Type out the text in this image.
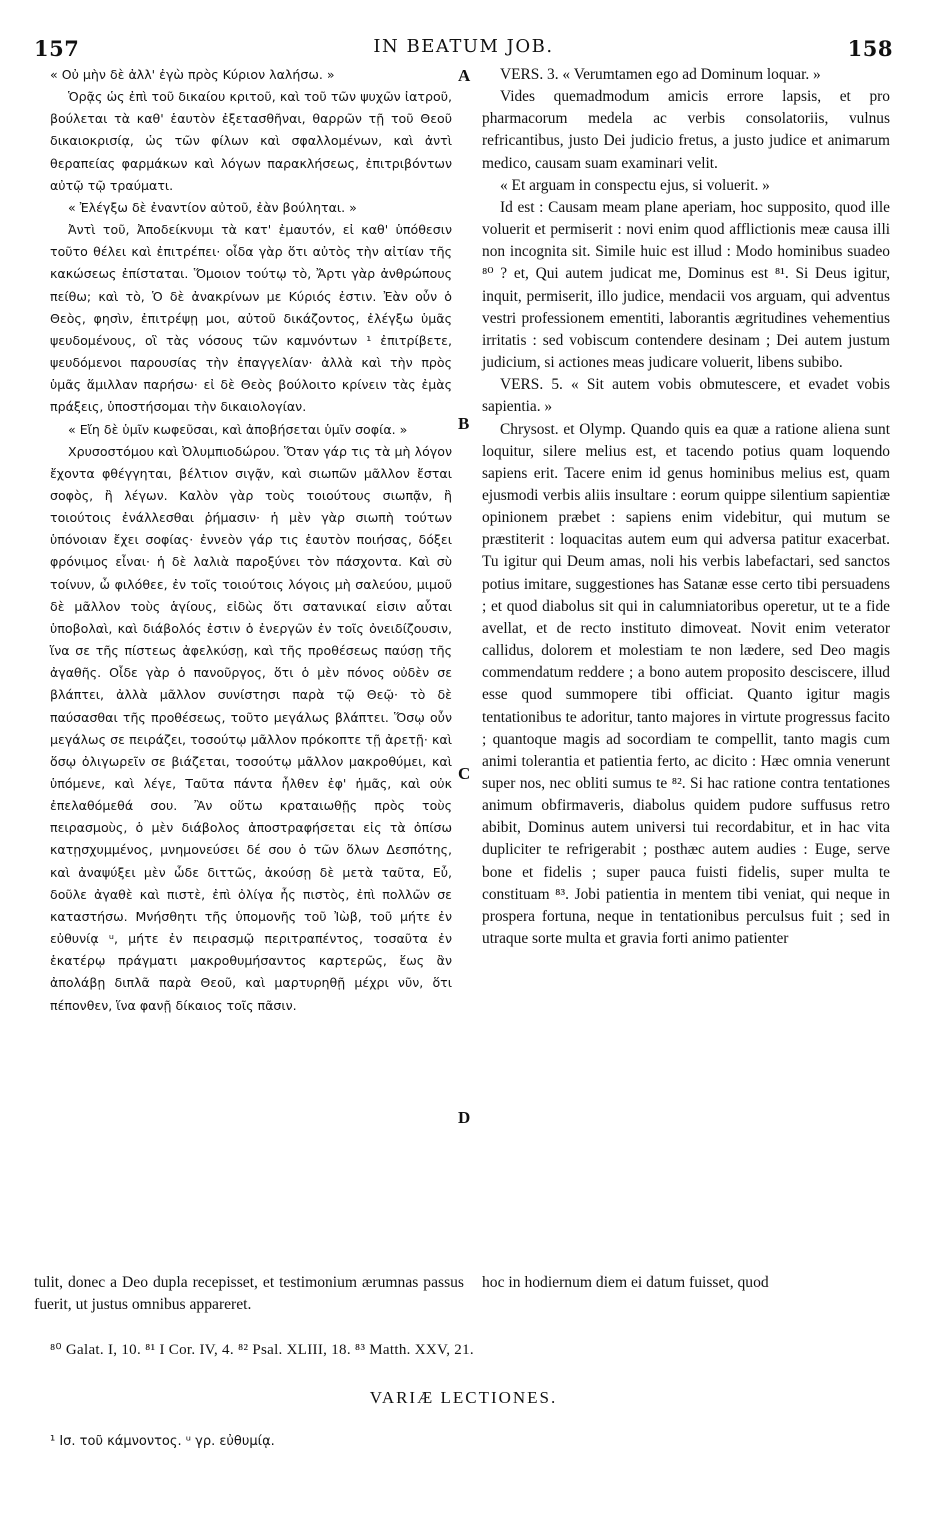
157	IN BEATUM JOB.	158

« Οὐ μὴν δὲ ἀλλ' ἐγὼ πρὸς Κύριον λαλήσω. »

Ὁρᾷς ὡς ἐπὶ τοῦ δικαίου κριτοῦ, καὶ τοῦ τῶν ψυχῶν ἰατροῦ, βούλεται τὰ καθ' ἑαυτὸν ἐξετασθῆναι, θαρρῶν τῇ τοῦ Θεοῦ δικαιοκρισίᾳ, ὡς τῶν φίλων καὶ σφαλλομένων, καὶ ἀντὶ θεραπείας φαρμάκων καὶ λόγων παρακλήσεως, ἐπιτριβόντων αὐτῷ τῷ τραύματι.

« Ἐλέγξω δὲ ἐναντίον αὐτοῦ, ἐὰν βούληται. »

Ἀντὶ τοῦ, Ἀποδείκνυμι τὰ κατ' ἐμαυτόν, εἰ καθ' ὑπόθεσιν τοῦτο θέλει καὶ ἐπιτρέπει· οἶδα γὰρ ὅτι αὐτὸς τὴν αἰτίαν τῆς κακώσεως ἐπίσταται. Ὅμοιον τούτῳ τὸ, Ἄρτι γὰρ ἀνθρώπους πείθω; καὶ τὸ, Ὁ δὲ ἀνακρίνων με Κύριός ἐστιν. Ἐὰν οὖν ὁ Θεὸς, φησὶν, ἐπιτρέψῃ μοι, αὐτοῦ δικάζοντος, ἐλέγξω ὑμᾶς ψευδομένους, οἳ τὰς νόσους τῶν καμνόντων ¹ ἐπιτρίβετε, ψευδόμενοι παρουσίας τὴν ἐπαγγελίαν· ἀλλὰ καὶ τὴν πρὸς ὑμᾶς ἅμιλλαν παρήσω· εἰ δὲ Θεὸς βούλοιτο κρίνειν τὰς ἐμὰς πράξεις, ὑποστήσομαι τὴν δικαιολογίαν.

« Εἴη δὲ ὑμῖν κωφεῦσαι, καὶ ἀποβήσεται ὑμῖν σοφία. »

Χρυσοστόμου καὶ Ὀλυμπιοδώρου. Ὅταν γάρ τις τὰ μὴ λόγον ἔχοντα φθέγγηται, βέλτιον σιγᾷν, καὶ σιωπῶν μᾶλλον ἔσται σοφὸς, ἢ λέγων. Καλὸν γὰρ τοὺς τοιούτους σιωπᾷν, ἢ τοιούτοις ἐνάλλεσθαι ῥήμασιν· ἡ μὲν γὰρ σιωπὴ τούτων ὑπόνοιαν ἔχει σοφίας· ἐννεὸν γάρ τις ἑαυτὸν ποιήσας, δόξει φρόνιμος εἶναι· ἡ δὲ λαλιὰ παροξύνει τὸν πάσχοντα. Καὶ σὺ τοίνυν, ὦ φιλόθεε, ἐν τοῖς τοιούτοις λόγοις μὴ σαλεύου, μιμοῦ δὲ μᾶλλον τοὺς ἁγίους, εἰδὼς ὅτι σατανικαί εἰσιν αὗται ὑποβολαὶ, καὶ διάβολός ἐστιν ὁ ἐνεργῶν ἐν τοῖς ὀνειδίζουσιν, ἵνα σε τῆς πίστεως ἀφελκύσῃ, καὶ τῆς προθέσεως παύσῃ τῆς ἀγαθῆς. Οἶδε γὰρ ὁ πανοῦργος, ὅτι ὁ μὲν πόνος οὐδὲν σε βλάπτει, ἀλλὰ μᾶλλον συνίστησι παρὰ τῷ Θεῷ· τὸ δὲ παύσασθαι τῆς προθέσεως, τοῦτο μεγάλως βλάπτει. Ὅσῳ οὖν μεγάλως σε πειράζει, τοσούτῳ μᾶλλον πρόκοπτε τῇ ἀρετῇ· καὶ ὅσῳ ὀλιγωρεῖν σε βιάζεται, τοσούτῳ μᾶλλον μακροθύμει, καὶ ὑπόμενε, καὶ λέγε, Ταῦτα πάντα ἦλθεν ἐφ' ἡμᾶς, καὶ οὐκ ἐπελαθόμεθά σου. Ἂν οὕτω κραταιωθῇς πρὸς τοὺς πειρασμοὺς, ὁ μὲν διάβολος ἀποστραφήσεται εἰς τὰ ὀπίσω κατῃσχυμμένος, μνημονεύσει δέ σου ὁ τῶν ὅλων Δεσπότης, καὶ ἀναψύξει μὲν ὧδε διττῶς, ἀκούσῃ δὲ μετὰ ταῦτα, Εὖ, δοῦλε ἀγαθὲ καὶ πιστὲ, ἐπὶ ὀλίγα ἦς πιστὸς, ἐπὶ πολλῶν σε καταστήσω. Μνήσθητι τῆς ὑπομονῆς τοῦ Ἰὼβ, τοῦ μήτε ἐν εὐθυνίᾳ ᵘ, μήτε ἐν πειρασμῷ περιτραπέντος, τοσαῦτα ἐν ἑκατέρῳ πράγματι μακροθυμήσαντος καρτερῶς, ἕως ἂν ἀπολάβῃ διπλᾶ παρὰ Θεοῦ, καὶ μαρτυρηθῇ μέχρι νῦν, ὅτι πέπονθεν, ἵνα φανῇ δίκαιος τοῖς πᾶσιν.

VERS. 3. « Verumtamen ego ad Dominum loquar. »

Vides quemadmodum amicis errore lapsis, et pro pharmacorum medela ac verbis consolatoriis, vulnus refricantibus, justo Dei judicio fretus, a justo judice et animarum medico, causam suam examinari velit.

« Et arguam in conspectu ejus, si voluerit. »

Id est : Causam meam plane aperiam, hoc supposito, quod ille voluerit et permiserit : novi enim quod afflictionis meæ causa illi non incognita sit. Simile huic est illud : Modo hominibus suadeo ⁸⁰ ? et, Qui autem judicat me, Dominus est ⁸¹. Si Deus igitur, inquit, permiserit, illo judice, mendacii vos arguam, qui adventus vestri professionem ementiti, laborantis ægritudines vehementius irritatis : sed vobiscum contendere desinam ; Dei autem justum judicium, si actiones meas judicare voluerit, libens subibo.

VERS. 5. « Sit autem vobis obmutescere, et evadet vobis sapientia. »

Chrysost. et Olymp. Quando quis ea quæ a ratione aliena sunt loquitur, silere melius est, et tacendo potius quam loquendo sapiens erit. Tacere enim id genus hominibus melius est, quam ejusmodi verbis aliis insultare : eorum quippe silentium sapientiæ opinionem præbet : sapiens enim videbitur, qui mutum se præstiterit : loquacitas autem eum qui adversa patitur exacerbat. Tu igitur qui Deum amas, noli his verbis labefactari, sed sanctos potius imitare, suggestiones has Satanæ esse certo tibi persuadens ; et quod diabolus sit qui in calumniatoribus operetur, ut te a fide avellat, et de recto instituto dimoveat. Novit enim veterator callidus, dolorem et molestiam te non lædere, sed Deo magis commendatum reddere ; a bono autem proposito desciscere, illud esse quod summopere tibi officiat. Quanto igitur magis tentationibus te adoritur, tanto majores in virtute progressus facito ; quantoque magis ad socordiam te compellit, tanto magis cum animi tolerantia et patientia ferto, ac dicito : Hæc omnia venerunt super nos, nec obliti sumus te ⁸². Si hac ratione contra tentationes animum obfirmaveris, diabolus quidem pudore suffusus retro abibit, Dominus autem universi tui recordabitur, et in hac vita dupliciter te refrigerabit ; posthæc autem audies : Euge, serve bone et fidelis ; super pauca fuisti fidelis, super multa te constituam ⁸³. Jobi patientia in mentem tibi veniat, qui neque in prospera fortuna, neque in tentationibus perculsus fuit ; sed in utraque sorte multa et gravia forti animo patienter

A
B
C
D
tulit, donec a Deo dupla recepisset, et testimonium ærumnas passus fuerit, ut justus omnibus appareret.
hoc in hodiernum diem ei datum fuisset, quod
⁸⁰ Galat. I, 10. ⁸¹ I Cor. IV, 4. ⁸² Psal. XLIII, 18. ⁸³ Matth. XXV, 21.
VARIÆ LECTIONES.
¹ Ισ. τοῦ κάμνοντος. ᵘ γρ. εὐθυμίᾳ.
